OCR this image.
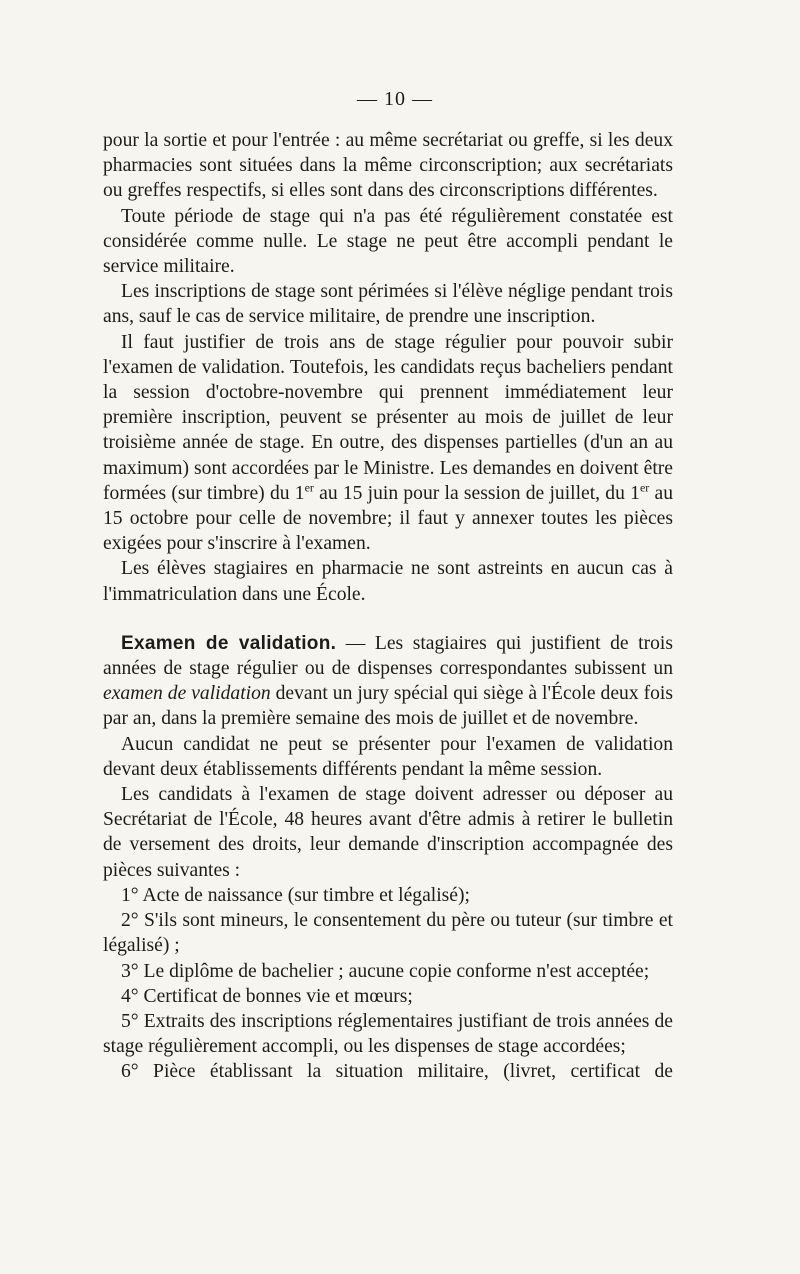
— 10 —

pour la sortie et pour l'entrée : au même secrétariat ou greffe, si les deux pharmacies sont situées dans la même circonscription; aux secrétariats ou greffes respectifs, si elles sont dans des circonscriptions différentes.

Toute période de stage qui n'a pas été régulièrement constatée est considérée comme nulle. Le stage ne peut être accompli pendant le service militaire.

Les inscriptions de stage sont périmées si l'élève néglige pendant trois ans, sauf le cas de service militaire, de prendre une inscription.

Il faut justifier de trois ans de stage régulier pour pouvoir subir l'examen de validation. Toutefois, les candidats reçus bacheliers pendant la session d'octobre-novembre qui prennent immédiatement leur première inscription, peuvent se présenter au mois de juillet de leur troisième année de stage. En outre, des dispenses partielles (d'un an au maximum) sont accordées par le Ministre. Les demandes en doivent être formées (sur timbre) du 1er au 15 juin pour la session de juillet, du 1er au 15 octobre pour celle de novembre; il faut y annexer toutes les pièces exigées pour s'inscrire à l'examen.

Les élèves stagiaires en pharmacie ne sont astreints en aucun cas à l'immatriculation dans une École.

Examen de validation. — Les stagiaires qui justifient de trois années de stage régulier ou de dispenses correspondantes subissent un examen de validation devant un jury spécial qui siège à l'École deux fois par an, dans la première semaine des mois de juillet et de novembre.

Aucun candidat ne peut se présenter pour l'examen de validation devant deux établissements différents pendant la même session.

Les candidats à l'examen de stage doivent adresser ou déposer au Secrétariat de l'École, 48 heures avant d'être admis à retirer le bulletin de versement des droits, leur demande d'inscription accompagnée des pièces suivantes :

1° Acte de naissance (sur timbre et légalisé);

2° S'ils sont mineurs, le consentement du père ou tuteur (sur timbre et légalisé) ;

3° Le diplôme de bachelier ; aucune copie conforme n'est acceptée;

4° Certificat de bonnes vie et mœurs;

5° Extraits des inscriptions réglementaires justifiant de trois années de stage régulièrement accompli, ou les dispenses de stage accordées;

6° Pièce établissant la situation militaire, (livret, certificat de
